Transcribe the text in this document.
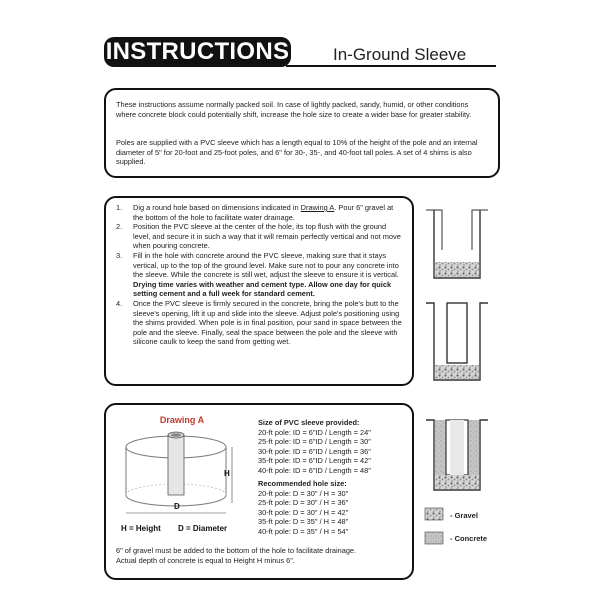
INSTRUCTIONS	In-Ground Sleeve
These instructions assume normally packed soil. In case of lightly packed, sandy, humid, or other conditions where concrete block could potentially shift, increase the hole size to create a wider base for greater stability.
Poles are supplied with a PVC sleeve which has a length equal to 10% of the height of the pole and an internal diameter of 5" for 20-foot and 25-foot poles, and 6" for 30-, 35-, and 40-foot tall poles. A set of 4 shims is also supplied.
1. Dig a round hole based on dimensions indicated in Drawing A. Pour 6" gravel at the bottom of the hole to facilitate water drainage.
2. Position the PVC sleeve at the center of the hole, its top flush with the ground level, and secure it in such a way that it will remain perfectly vertical and not move when pouring concrete.
3. Fill in the hole with concrete around the PVC sleeve, making sure that it stays vertical, up to the top of the ground level. Make sure not to pour any concrete into the sleeve. While the concrete is still wet, adjust the sleeve to ensure it is vertical. Drying time varies with weather and cement type. Allow one day for quick setting cement and a full week for standard cement.
4. Once the PVC sleeve is firmly secured in the concrete, bring the pole's butt to the sleeve's opening, lift it up and slide into the sleeve. Adjust pole's positioning using the shims provided. When pole is in final position, pour sand in space between the pole and the sleeve. Finally, seal the space between the pole and the sleeve with silicone caulk to keep the sand from getting wet.
Drawing A
H
D
H = Height D = Diameter
Size of PVC sleeve provided:
20-ft pole: ID = 6"ID / Length = 24"
25-ft pole: ID = 6"ID / Length = 30"
30-ft pole: ID = 6"ID / Length = 36"
35-ft pole: ID = 6"ID / Length = 42"
40-ft pole: ID = 6"ID / Length = 48"
Recommended hole size:
20-ft pole: D = 30" / H = 30"
25-ft pole: D = 30" / H = 36"
30-ft pole: D = 30" / H = 42"
35-ft pole: D = 35" / H = 48"
40-ft pole: D = 35" / H = 54"
6" of gravel must be added to the bottom of the hole to facilitate drainage.
Actual depth of concrete is equal to Height H minus 6".
- Gravel
- Concrete
